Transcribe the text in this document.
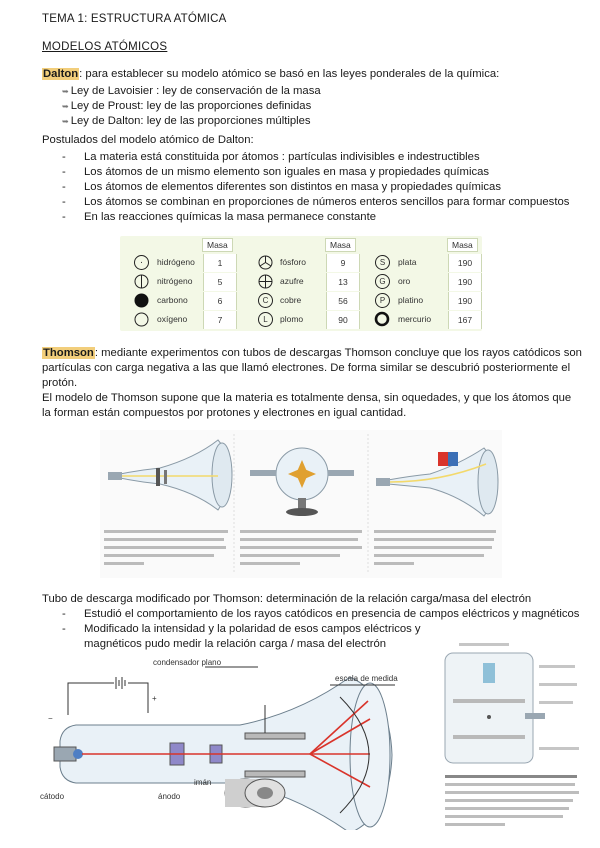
TEMA 1: ESTRUCTURA ATÓMICA
MODELOS ATÓMICOS
Dalton: para establecer su modelo atómico se basó en las leyes ponderales de la química:
➥ Ley de Lavoisier : ley de conservación de la masa
➥ Ley de Proust: ley de las proporciones definidas
➥ Ley de Dalton: ley de las proporciones múltiples
Postulados del modelo atómico de Dalton:
- La materia está constituida por átomos : partículas indivisibles e indestructibles
- Los átomos de un mismo elemento son iguales en masa y propiedades químicas
- Los átomos de elementos diferentes son distintos en masa y propiedades químicas
- Los átomos se combinan en proporciones de números enteros sencillos para formar compuestos
- En las reacciones químicas la masa permanece constante
Masa	Masa	Masa
·	hidrógeno	1	fósforo	9	S	plata	190
nitrógeno	5	azufre	13	G	oro	190
carbono	6	C	cobre	56	P	platino	190
oxígeno	7	L	plomo	90	mercurio	167
Thomson: mediante experimentos con tubos de descargas Thomson concluye que los rayos catódicos son
partículas con carga negativa a las que llamó electrones. De forma similar se descubrió posteriormente el
protón.
El modelo de Thomson supone que la materia es totalmente densa, sin oquedades, y que los átomos que
la forman están compuestos por protones y electrones en igual cantidad.
Tubo de descarga modificado por Thomson: determinación de la relación carga/masa del electrón
- Estudió el comportamiento de los rayos catódicos en presencia de campos eléctricos y magnéticos
- Modificado la intensidad y la polaridad de esos campos eléctricos y
magnéticos pudo medir la relación carga / masa del electrón
condensador plano
escala de medida
cátodo	ánodo
imán
+
−
